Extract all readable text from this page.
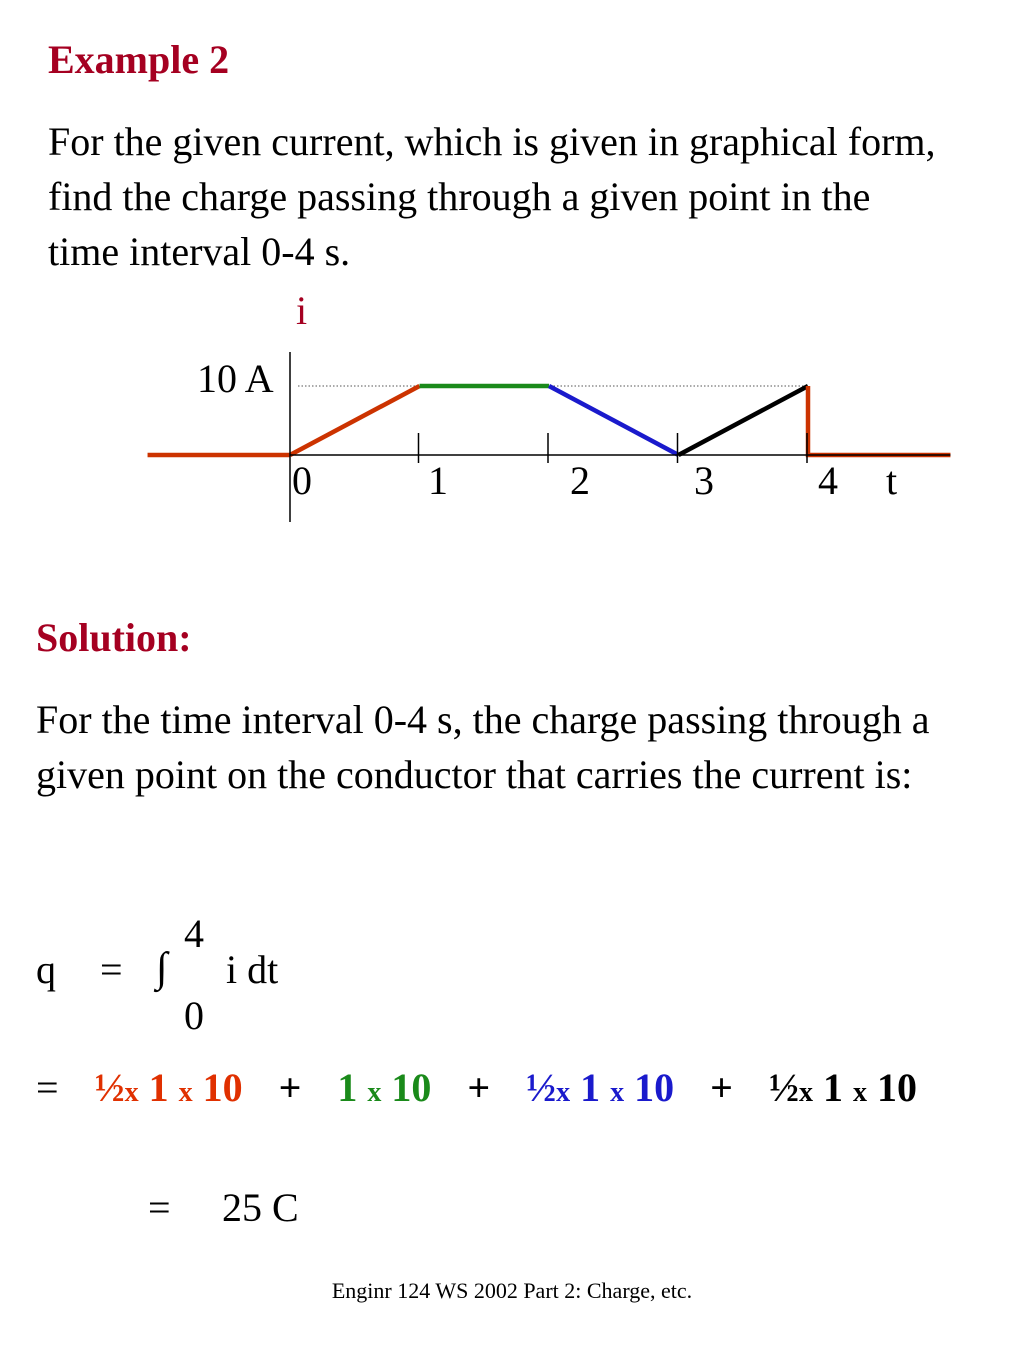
Example 2
For the given current, which is given in graphical form, find the charge passing through a given point in the time interval 0-4 s.
i
10 A
0	1	2	3	4 t
Solution:
For the time interval 0-4 s, the charge passing through a given point on the conductor that carries the current is:
q = ∫
4
0
i dt
= ½x 1 x 10 + 1 x 10 + ½x 1 x 10 + ½x 1 x 10
= 25 C
Enginr 124 WS 2002 Part 2: Charge, etc.
